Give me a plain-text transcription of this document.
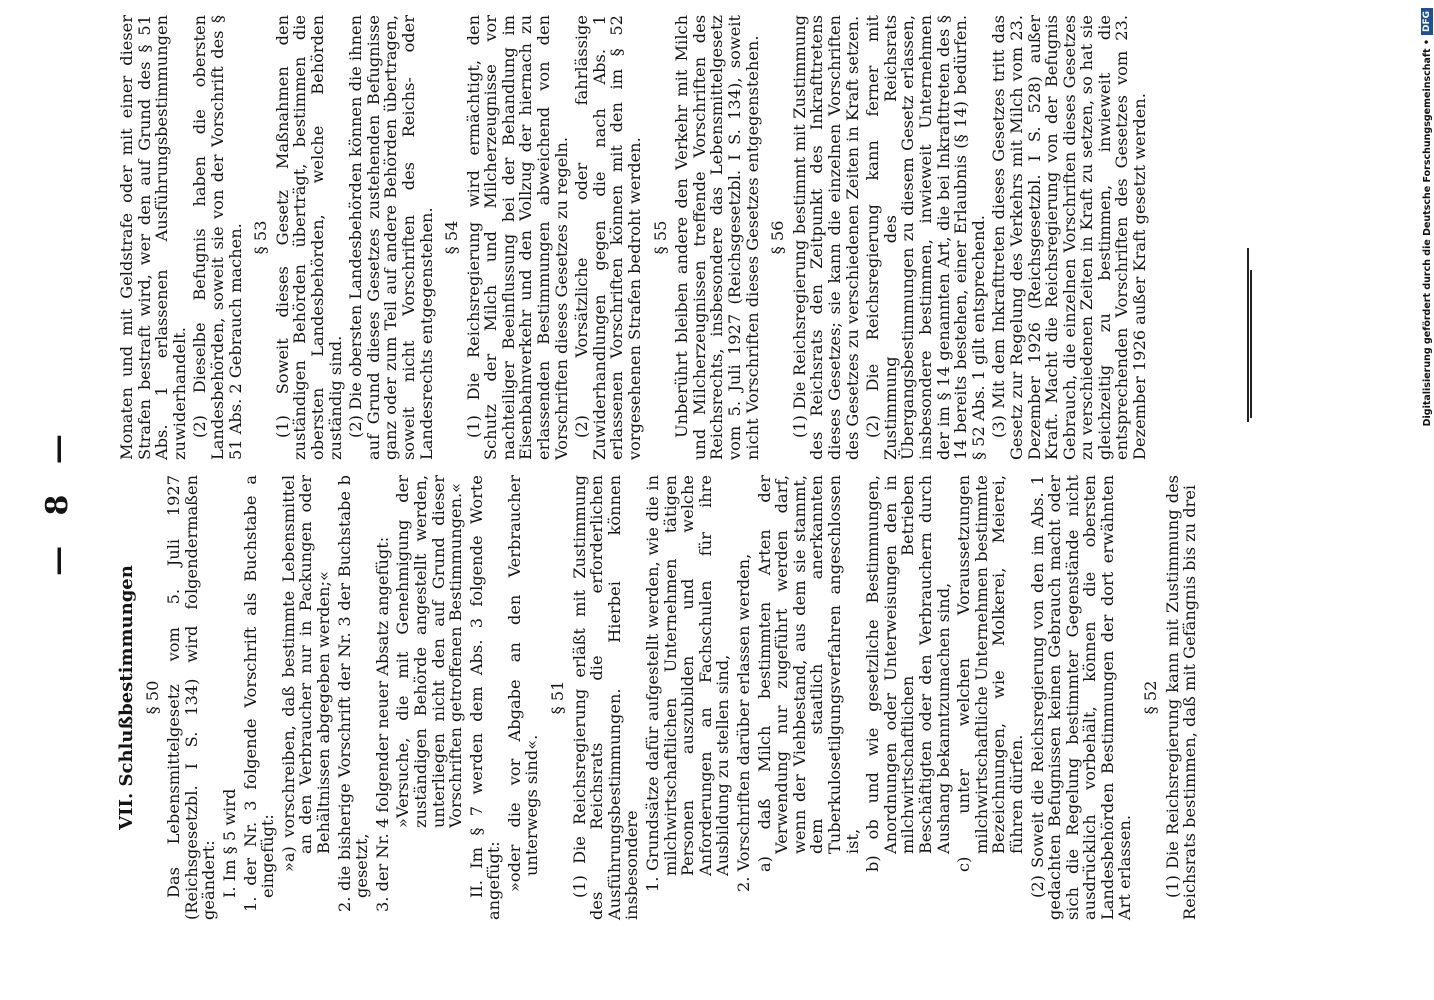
— 8 —
VII. Schlußbestimmungen § 50 Das Lebensmittelgesetz vom 5. Juli 1927 (Reichsgesetzbl. I S. 134) wird folgendermaßen geändert: I. Im § 5 wird 1. der Nr. 3 folgende Vorschrift als Buchstabe a eingefügt: »a) vorschreiben, daß bestimmte Lebensmittel an den Verbraucher nur in Packungen oder Behältnissen abgegeben werden;« 2. die bisherige Vorschrift der Nr. 3 der Buchstabe b gesetzt, 3. der Nr. 4 folgender neuer Absatz angefügt: »Versuche, die mit Genehmigung der zuständigen Behörde angestellt werden, unterliegen nicht den auf Grund dieser Vorschriften getroffenen Bestimmungen.« II. Im § 7 werden dem Abs. 3 folgende Worte angefügt: »oder die vor Abgabe an den Verbraucher unterwegs sind«.

§ 51 (1) Die Reichsregierung erläßt mit Zustimmung des Reichsrats die erforderlichen Ausführungsbestimmungen. Hierbei können insbesondere 1. Grundsätze dafür aufgestellt werden, wie die in milchwirtschaftlichen Unternehmen tätigen Personen auszubilden und welche Anforderungen an Fachschulen für ihre Ausbildung zu stellen sind, 2. Vorschriften darüber erlassen werden, a) daß Milch bestimmten Arten der Verwendung nur zugeführt werden darf, wenn der Viehbestand, aus dem sie stammt, dem staatlich anerkannten Tuberkulosetilgungsverfahren angeschlossen ist, b) ob und wie gesetzliche Bestimmungen, Anordnungen oder Unterweisungen den in milchwirtschaftlichen Betrieben Beschäftigten oder den Verbrauchern durch Aushang bekanntzumachen sind, c) unter welchen Voraussetzungen milchwirtschaftliche Unternehmen bestimmte Bezeichnungen, wie Molkerei, Meierei, führen dürfen. (2) Soweit die Reichsregierung von den im Abs. 1 gedachten Befugnissen keinen Gebrauch macht oder sich die Regelung bestimmter Gegenstände nicht ausdrücklich vorbehält, können die obersten Landesbehörden Bestimmungen der dort erwähnten Art erlassen.

§ 52 (1) Die Reichsregierung kann mit Zustimmung des Reichsrats bestimmen, daß mit Gefängnis bis zu drei

Monaten und mit Geldstrafe oder mit einer dieser Strafen bestraft wird, wer den auf Grund des § 51 Abs. 1 erlassenen Ausführungsbestimmungen zuwiderhandelt. (2) Dieselbe Befugnis haben die obersten Landesbehörden, soweit sie von der Vorschrift des § 51 Abs. 2 Gebrauch machen. § 53 (1) Soweit dieses Gesetz Maßnahmen den zuständigen Behörden überträgt, bestimmen die obersten Landesbehörden, welche Behörden zuständig sind. (2) Die obersten Landesbehörden können die ihnen auf Grund dieses Gesetzes zustehenden Befugnisse ganz oder zum Teil auf andere Behörden übertragen, soweit nicht Vorschriften des Reichs- oder Landesrechts entgegenstehen. § 54 (1) Die Reichsregierung wird ermächtigt, den Schutz der Milch und Milcherzeugnisse vor nachteiliger Beeinflussung bei der Behandlung im Eisenbahnverkehr und den Vollzug der hiernach zu erlassenden Bestimmungen abweichend von den Vorschriften dieses Gesetzes zu regeln. (2) Vorsätzliche oder fahrlässige Zuwiderhandlungen gegen die nach Abs. 1 erlassenen Vorschriften können mit den im § 52 vorgesehenen Strafen bedroht werden. § 55 Unberührt bleiben andere den Verkehr mit Milch und Milcherzeugnissen treffende Vorschriften des Reichsrechts, insbesondere das Lebensmittelgesetz vom 5. Juli 1927 (Reichsgesetzbl. I S. 134), soweit nicht Vorschriften dieses Gesetzes entgegenstehen. § 56 (1) Die Reichsregierung bestimmt mit Zustimmung des Reichsrats den Zeitpunkt des Inkrafttretens dieses Gesetzes; sie kann die einzelnen Vorschriften des Gesetzes zu verschiedenen Zeiten in Kraft setzen. (2) Die Reichsregierung kann ferner mit Zustimmung des Reichsrats Übergangsbestimmungen zu diesem Gesetz erlassen, insbesondere bestimmen, inwieweit Unternehmen der im § 14 genannten Art, die bei Inkrafttreten des § 14 bereits bestehen, einer Erlaubnis (§ 14) bedürfen. § 52 Abs. 1 gilt entsprechend. (3) Mit dem Inkrafttreten dieses Gesetzes tritt das Gesetz zur Regelung des Verkehrs mit Milch vom 23. Dezember 1926 (Reichsgesetzbl. I S. 528) außer Kraft. Macht die Reichsregierung von der Befugnis Gebrauch, die einzelnen Vorschriften dieses Gesetzes zu verschiedenen Zeiten in Kraft zu setzen, so hat sie gleichzeitig zu bestimmen, inwieweit die entsprechenden Vorschriften des Gesetzes vom 23. Dezember 1926 außer Kraft gesetzt werden.	Digitalisierung gefördert durch die Deutsche Forschungsgemeinschaft •
DFG
